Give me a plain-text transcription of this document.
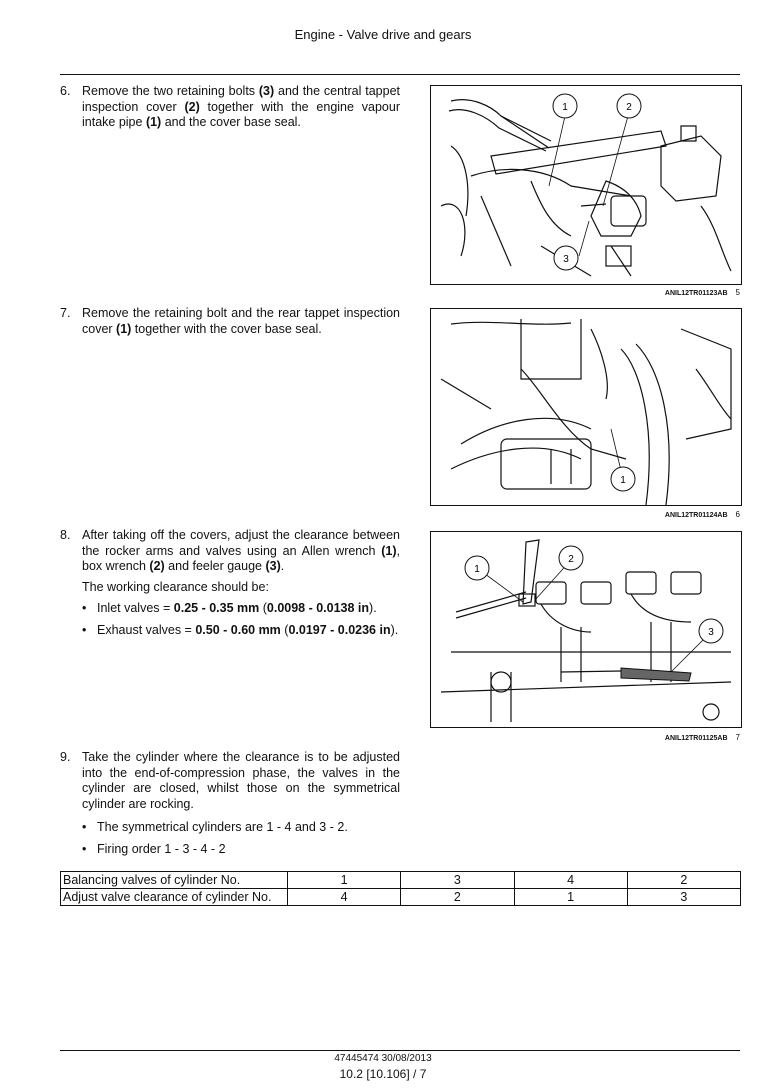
Engine - Valve drive and gears
6. Remove the two retaining bolts (3) and the central tappet inspection cover (2) together with the engine vapour intake pipe (1) and the cover base seal.
1	2
3
ANIL12TR01123AB 5
7. Remove the retaining bolt and the rear tappet inspection cover (1) together with the cover base seal.
1
ANIL12TR01124AB 6
8. After taking off the covers, adjust the clearance between the rocker arms and valves using an Allen wrench (1), box wrench (2) and feeler gauge (3).
The working clearance should be:
• Inlet valves = 0.25 - 0.35 mm (0.0098 - 0.0138 in).
• Exhaust valves = 0.50 - 0.60 mm (0.0197 - 0.0236 in).
1
2
3
ANIL12TR01125AB 7
9. Take the cylinder where the clearance is to be adjusted into the end-of-compression phase, the valves in the cylinder are closed, whilst those on the symmetrical cylinder are rocking.
• The symmetrical cylinders are 1 - 4 and 3 - 2.
• Firing order 1 - 3 - 4 - 2
Balancing valves of cylinder No.	1	3	4	2
Adjust valve clearance of cylinder No.	4	2	1	3
47445474 30/08/2013
10.2 [10.106] / 7
